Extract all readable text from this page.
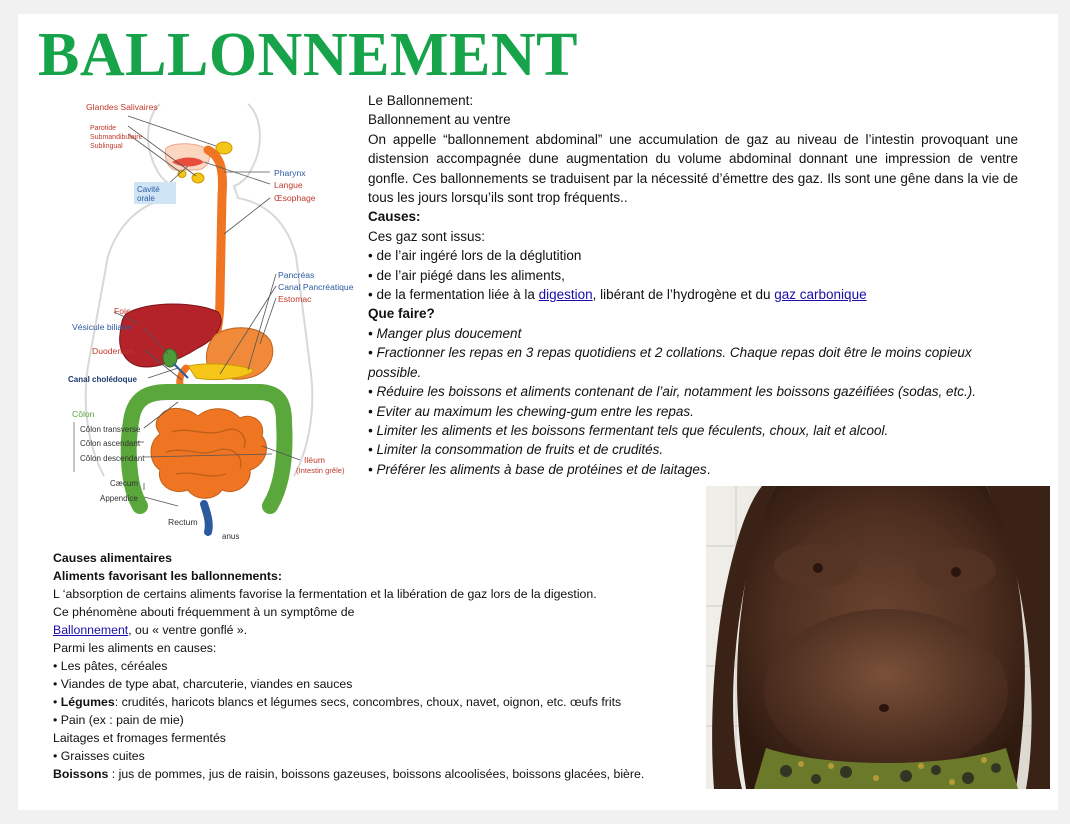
BALLONNEMENT
Glandes Salivaires
Parotide
Submandibulaire
Sublingual
Cavité
orale
Pharynx
Langue
Œsophage
Pancréas
Canal Pancréatique
Estomac
Foie
Vésicule biliaire
Duodenum
Canal cholédoque
Côlon
Côlon transverse
Côlon ascendant
Côlon descendant	Iléum
(Intestin grêle)
Cæcum
Appendice
Rectum
anus

Le Ballonnement:

Ballonnement au ventre

On appelle “ballonnement abdominal” une accumulation de gaz au niveau de l’intestin provoquant une distension accompagnée dune augmentation du volume abdominal donnant une impression de ventre gonfle. Ces ballonnements se traduisent par la nécessité d’émettre des gaz. Ils sont une gêne dans la vie de tous les jours lorsqu’ils sont trop fréquents..

Causes:

Ces gaz sont issus:

• de l’air ingéré lors de la déglutition
• de l’air piégé dans les aliments,
• de la fermentation liée à la digestion, libérant de l’hydrogène et du gaz carbonique

Que faire?

• Manger plus doucement
• Fractionner les repas en 3 repas quotidiens et 2 collations. Chaque repas doit être le moins copieux possible.
• Réduire les boissons et aliments contenant de l’air, notamment les boissons gazéifiées (sodas, etc.).
• Eviter au maximum les chewing-gum entre les repas.
• Limiter les aliments et les boissons fermentant tels que féculents, choux, lait et alcool.
• Limiter la consommation de fruits et de crudités.
• Préférer les aliments à base de protéines et de laitages.

Causes alimentaires

Aliments favorisant les ballonnements:

L ‘absorption de certains aliments favorise la fermentation et la libération de gaz lors de la digestion.

Ce phénomène abouti fréquemment à un symptôme de

Ballonnement, ou « ventre gonflé ».

Parmi les aliments en causes:

• Les pâtes, céréales
• Viandes de type abat, charcuterie, viandes en sauces
• Légumes: crudités, haricots blancs et légumes secs, concombres, choux, navet, oignon, etc. œufs frits
• Pain (ex : pain de mie)

Laitages et fromages fermentés

• Graisses cuites

Boissons : jus de pommes, jus de raisin, boissons gazeuses, boissons alcoolisées, boissons glacées, bière.
